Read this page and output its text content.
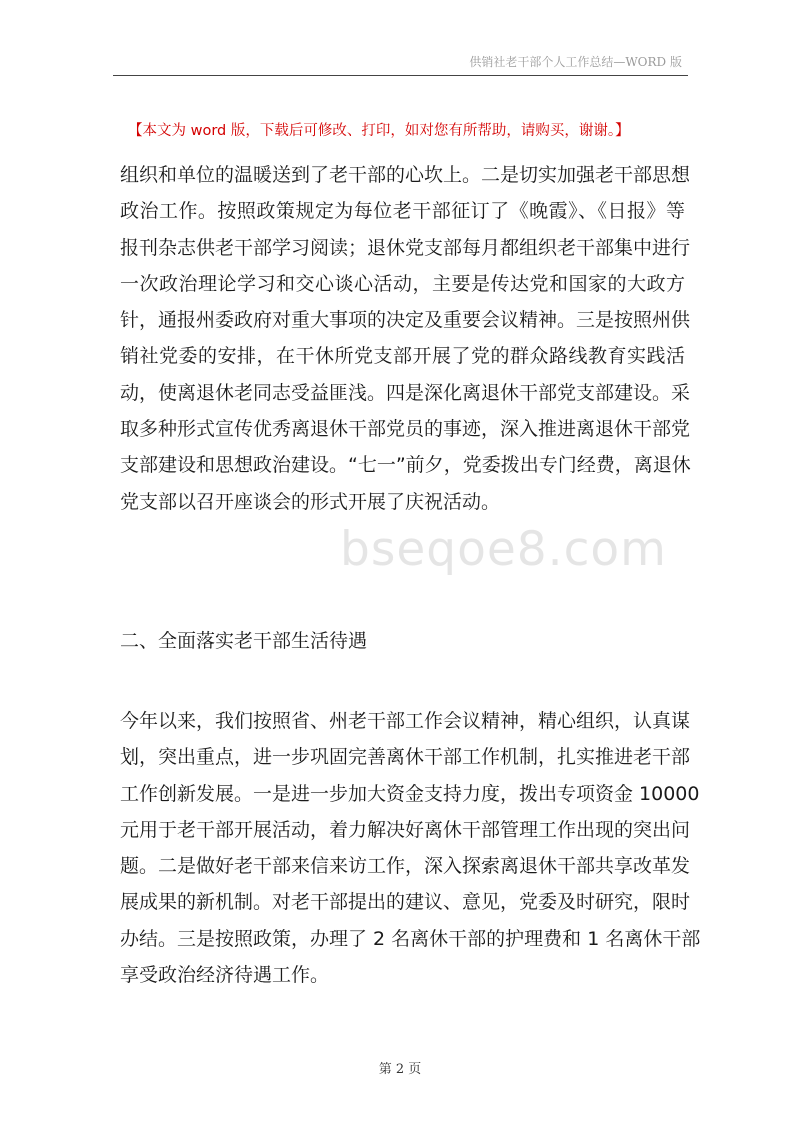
供销社老干部个人工作总结—WORD 版
【本文为 word 版，下载后可修改、打印，如对您有所帮助，请购买，谢谢。】
组织和单位的温暖送到了老干部的心坎上。二是切实加强老干部思想
政治工作。按照政策规定为每位老干部征订了《晚霞》、《日报》等
报刊杂志供老干部学习阅读；退休党支部每月都组织老干部集中进行
一次政治理论学习和交心谈心活动，主要是传达党和国家的大政方
针，通报州委政府对重大事项的决定及重要会议精神。三是按照州供
销社党委的安排，在干休所党支部开展了党的群众路线教育实践活
动，使离退休老同志受益匪浅。四是深化离退休干部党支部建设。采
取多种形式宣传优秀离退休干部党员的事迹，深入推进离退休干部党
支部建设和思想政治建设。“七一”前夕，党委拨出专门经费，离退休
党支部以召开座谈会的形式开展了庆祝活动。
bseqoe8.com
二、全面落实老干部生活待遇
今年以来，我们按照省、州老干部工作会议精神，精心组织，认真谋
划，突出重点，进一步巩固完善离休干部工作机制，扎实推进老干部
工作创新发展。一是进一步加大资金支持力度，拨出专项资金 10000
元用于老干部开展活动，着力解决好离休干部管理工作出现的突出问
题。二是做好老干部来信来访工作，深入探索离退休干部共享改革发
展成果的新机制。对老干部提出的建议、意见，党委及时研究，限时
办结。三是按照政策，办理了 2 名离休干部的护理费和 1 名离休干部
享受政治经济待遇工作。
第 2 页
